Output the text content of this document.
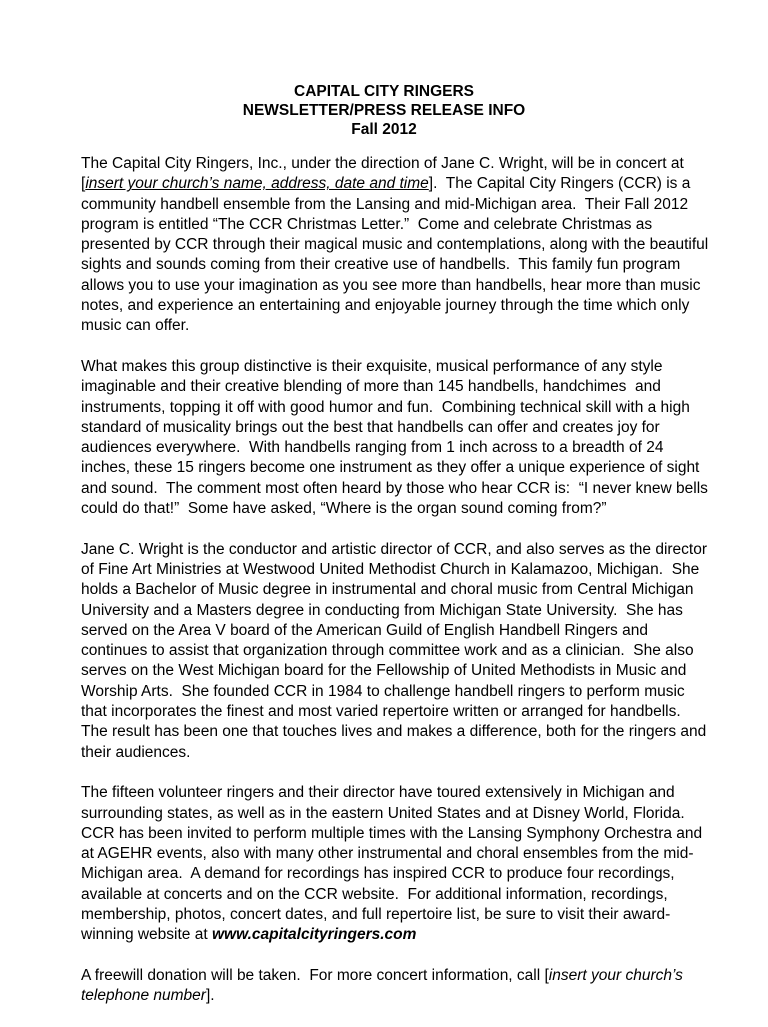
CAPITAL CITY RINGERS
NEWSLETTER/PRESS RELEASE INFO
Fall 2012

The Capital City Ringers, Inc., under the direction of Jane C. Wright, will be in concert at
[insert your church’s name, address, date and time].  The Capital City Ringers (CCR) is a
community handbell ensemble from the Lansing and mid-Michigan area.  Their Fall 2012
program is entitled “The CCR Christmas Letter.”  Come and celebrate Christmas as
presented by CCR through their magical music and contemplations, along with the beautiful
sights and sounds coming from their creative use of handbells.  This family fun program
allows you to use your imagination as you see more than handbells, hear more than music
notes, and experience an entertaining and enjoyable journey through the time which only
music can offer.

What makes this group distinctive is their exquisite, musical performance of any style
imaginable and their creative blending of more than 145 handbells, handchimes  and
instruments, topping it off with good humor and fun.  Combining technical skill with a high
standard of musicality brings out the best that handbells can offer and creates joy for
audiences everywhere.  With handbells ranging from 1 inch across to a breadth of 24
inches, these 15 ringers become one instrument as they offer a unique experience of sight
and sound.  The comment most often heard by those who hear CCR is:  “I never knew bells
could do that!”  Some have asked, “Where is the organ sound coming from?”

Jane C. Wright is the conductor and artistic director of CCR, and also serves as the director
of Fine Art Ministries at Westwood United Methodist Church in Kalamazoo, Michigan.  She
holds a Bachelor of Music degree in instrumental and choral music from Central Michigan
University and a Masters degree in conducting from Michigan State University.  She has
served on the Area V board of the American Guild of English Handbell Ringers and
continues to assist that organization through committee work and as a clinician.  She also
serves on the West Michigan board for the Fellowship of United Methodists in Music and
Worship Arts.  She founded CCR in 1984 to challenge handbell ringers to perform music
that incorporates the finest and most varied repertoire written or arranged for handbells.
The result has been one that touches lives and makes a difference, both for the ringers and
their audiences.

The fifteen volunteer ringers and their director have toured extensively in Michigan and
surrounding states, as well as in the eastern United States and at Disney World, Florida.
CCR has been invited to perform multiple times with the Lansing Symphony Orchestra and
at AGEHR events, also with many other instrumental and choral ensembles from the mid-
Michigan area.  A demand for recordings has inspired CCR to produce four recordings,
available at concerts and on the CCR website.  For additional information, recordings,
membership, photos, concert dates, and full repertoire list, be sure to visit their award-
winning website at www.capitalcityringers.com

A freewill donation will be taken.  For more concert information, call [insert your church’s
telephone number].
